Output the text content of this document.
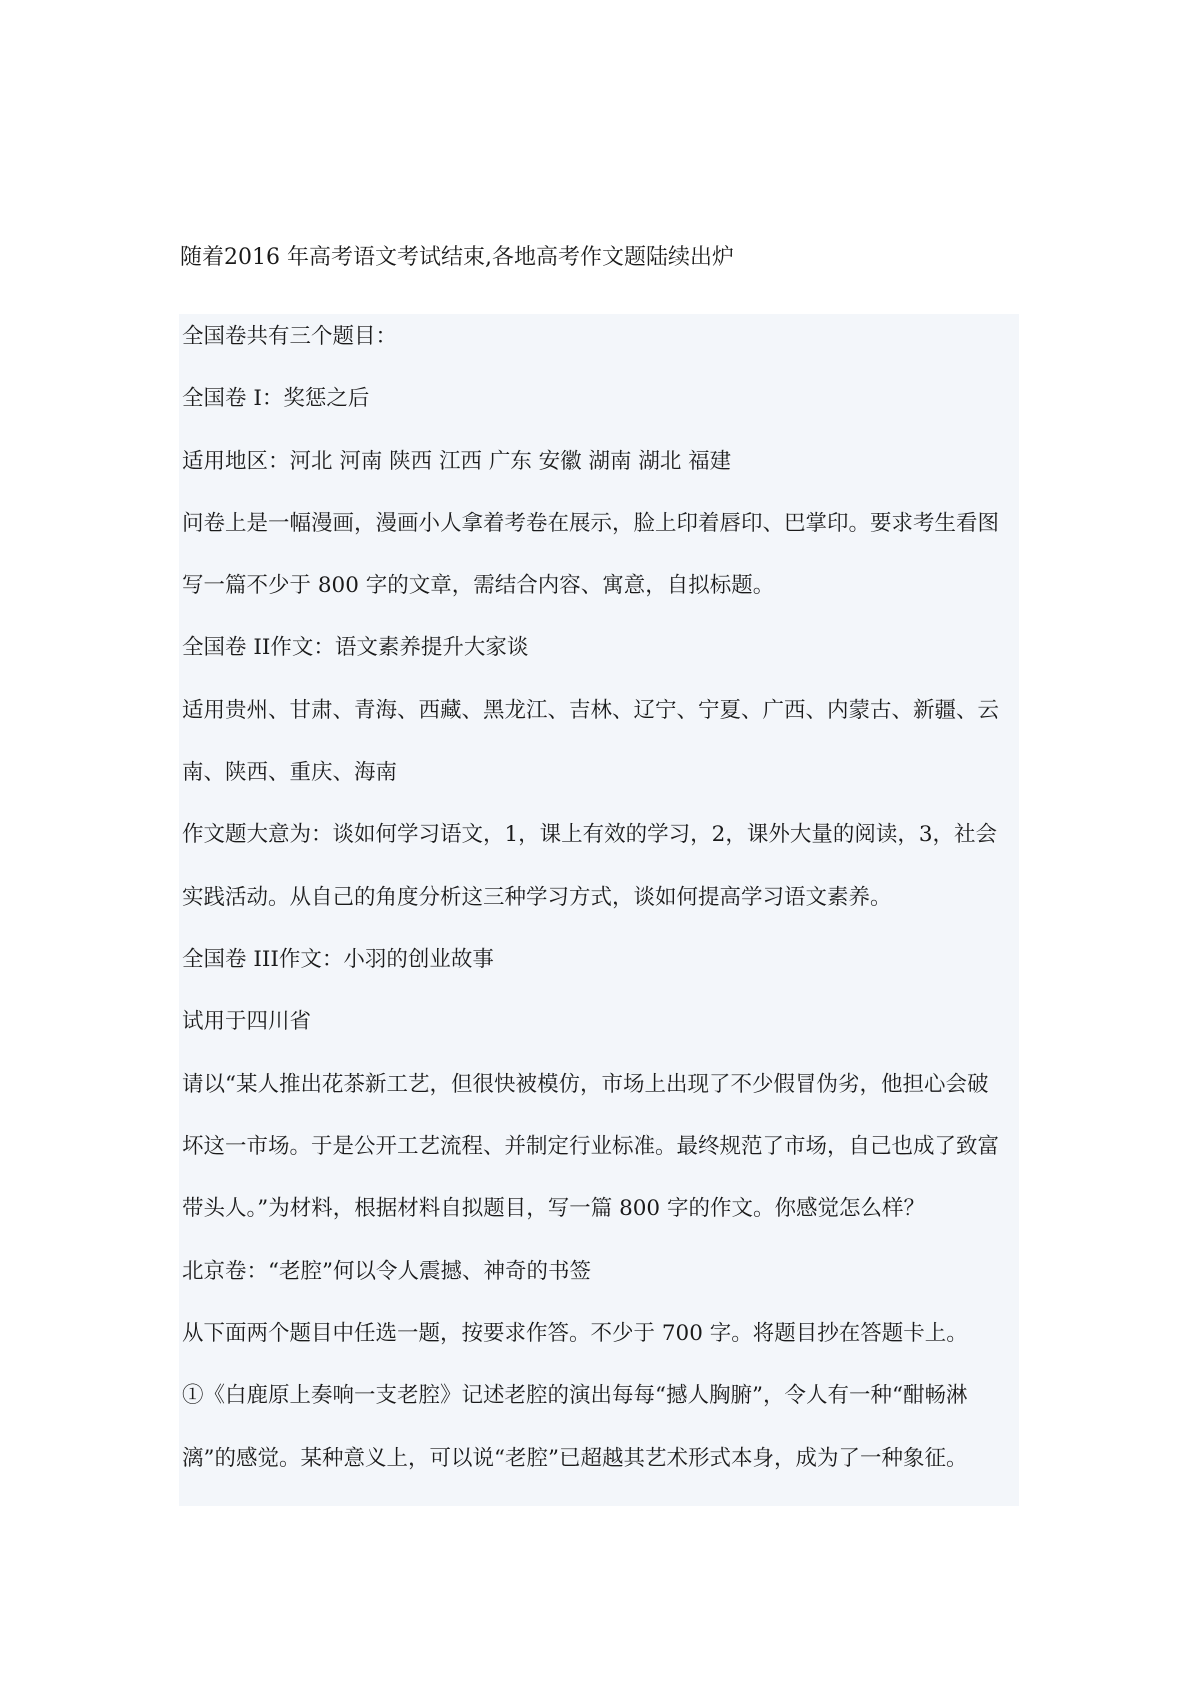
随着2016 年高考语文考试结束,各地高考作文题陆续出炉
全国卷共有三个题目：
全国卷 I：奖惩之后
适用地区：河北 河南 陕西 江西 广东 安徽 湖南 湖北 福建
问卷上是一幅漫画，漫画小人拿着考卷在展示，脸上印着唇印、巴掌印。要求考生看图
写一篇不少于 800 字的文章，需结合内容、寓意，自拟标题。
全国卷 II作文：语文素养提升大家谈
适用贵州、甘肃、青海、西藏、黑龙江、吉林、辽宁、宁夏、广西、内蒙古、新疆、云
南、陕西、重庆、海南
作文题大意为：谈如何学习语文，1，课上有效的学习，2，课外大量的阅读，3，社会
实践活动。从自己的角度分析这三种学习方式，谈如何提高学习语文素养。
全国卷 III作文：小羽的创业故事
试用于四川省
请以“某人推出花茶新工艺，但很快被模仿，市场上出现了不少假冒伪劣，他担心会破
坏这一市场。于是公开工艺流程、并制定行业标准。最终规范了市场，自己也成了致富
带头人。”为材料，根据材料自拟题目，写一篇 800 字的作文。你感觉怎么样？
北京卷：“老腔”何以令人震撼、神奇的书签
从下面两个题目中任选一题，按要求作答。不少于 700 字。将题目抄在答题卡上。
①《白鹿原上奏响一支老腔》记述老腔的演出每每“撼人胸腑”，令人有一种“酣畅淋
漓”的感觉。某种意义上，可以说“老腔”已超越其艺术形式本身，成为了一种象征。
